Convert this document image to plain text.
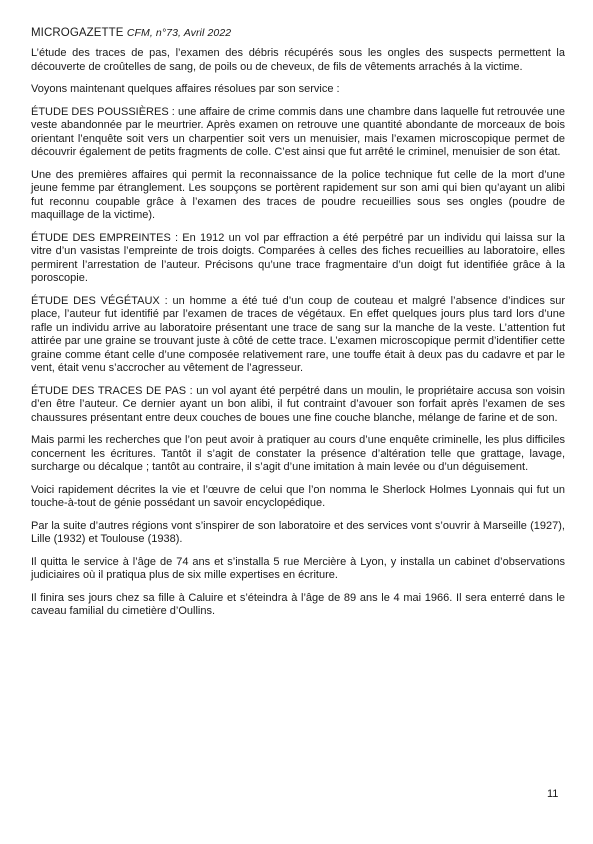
MICROGAZETTE CFM, n°73, Avril 2022

L’étude des traces de pas, l’examen des débris récupérés sous les ongles des suspects permettent la découverte de croûtelles de sang, de poils ou de cheveux, de fils de vêtements arrachés à la victime.

Voyons maintenant quelques affaires résolues par son service :

ÉTUDE DES POUSSIÈRES : une affaire de crime commis dans une chambre dans laquelle fut retrouvée une veste abandonnée par le meurtrier. Après examen on retrouve une quantité abondante de morceaux de bois orientant l’enquête soit vers un charpentier soit vers un menuisier, mais l’examen microscopique permet de découvrir également de petits fragments de colle. C’est ainsi que fut arrêté le criminel, menuisier de son état.

Une des premières affaires qui permit la reconnaissance de la police technique fut celle de la mort d’une jeune femme par étranglement. Les soupçons se portèrent rapidement sur son ami qui bien qu’ayant un alibi fut reconnu coupable grâce à l’examen des traces de poudre recueillies sous ses ongles (poudre de maquillage de la victime).

ÉTUDE DES EMPREINTES : En 1912 un vol par effraction a été perpétré par un individu qui laissa sur la vitre d’un vasistas l’empreinte de trois doigts. Comparées à celles des fiches recueillies au laboratoire, elles permirent l’arrestation de l’auteur. Précisons qu’une trace fragmentaire d’un doigt fut identifiée grâce à la poroscopie.

ÉTUDE DES VÉGÉTAUX : un homme a été tué d’un coup de couteau et malgré l’absence d’indices sur place, l’auteur fut identifié par l’examen de traces de végétaux. En effet quelques jours plus tard lors d’une rafle un individu arrive au laboratoire présentant une trace de sang sur la manche de la veste. L’attention fut attirée par une graine se trouvant juste à côté de cette trace. L’examen microscopique permit d’identifier cette graine comme étant celle d’une composée relativement rare, une touffe était à deux pas du cadavre et par le vent, était venu s’accrocher au vêtement de l’agresseur.

ÉTUDE DES TRACES DE PAS : un vol ayant été perpétré dans un moulin, le propriétaire accusa son voisin d’en être l’auteur. Ce dernier ayant un bon alibi, il fut contraint d’avouer son forfait après l’examen de ses chaussures présentant entre deux couches de boues une fine couche blanche, mélange de farine et de son.

Mais parmi les recherches que l’on peut avoir à pratiquer au cours d’une enquête criminelle, les plus difficiles concernent les écritures. Tantôt il s’agit de constater la présence d’altération telle que grattage, lavage, surcharge ou décalque ; tantôt au contraire, il s’agit d’une imitation à main levée ou d’un déguisement.

Voici rapidement décrites la vie et l’œuvre de celui que l’on nomma le Sherlock Holmes Lyonnais qui fut un touche-à-tout de génie possédant un savoir encyclopédique.

Par la suite d’autres régions vont s’inspirer de son laboratoire et des services vont s’ouvrir à Marseille (1927), Lille (1932) et Toulouse (1938).

Il quitta le service à l’âge de 74 ans et s’installa 5 rue Mercière à Lyon, y installa un cabinet d’observations judiciaires où il pratiqua plus de six mille expertises en écriture.

Il finira ses jours chez sa fille à Caluire et s’éteindra à l’âge de 89 ans le 4 mai 1966. Il sera enterré dans le caveau familial du cimetière d’Oullins.

11
